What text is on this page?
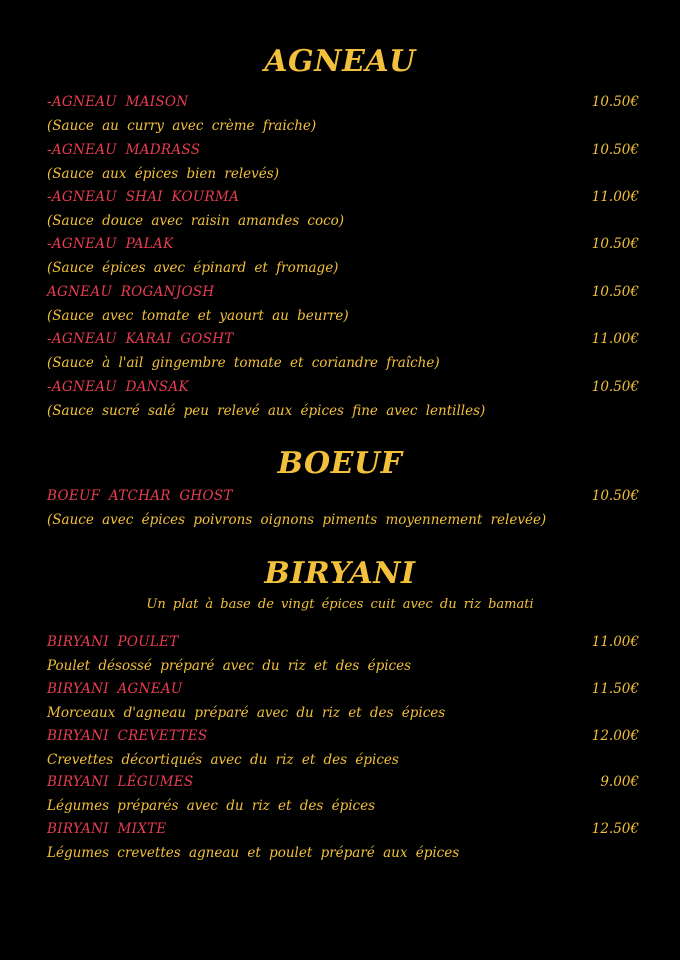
AGNEAU
-AGNEAU MAISON	10.50€
(Sauce au curry avec crème fraiche)
-AGNEAU MADRASS	10.50€
(Sauce aux épices bien relevés)
-AGNEAU SHAI KOURMA	11.00€
(Sauce douce avec raisin amandes coco)
-AGNEAU PALAK	10.50€
(Sauce épices avec épinard et fromage)
AGNEAU ROGANJOSH	10.50€
(Sauce avec tomate et yaourt au beurre)
-AGNEAU KARAI GOSHT	11.00€
(Sauce à l'ail gingembre tomate et coriandre fraîche)
-AGNEAU DANSAK	10.50€
(Sauce sucré salé peu relevé aux épices fine avec lentilles)
BOEUF
BOEUF ATCHAR GHOST	10.50€
(Sauce avec épices poivrons oignons piments moyennement relevée)
BIRYANI
Un plat à base de vingt épices cuit avec du riz bamati
BIRYANI POULET	11.00€
Poulet désossé préparé avec du riz et des épices
BIRYANI AGNEAU	11.50€
Morceaux d'agneau préparé avec du riz et des épices
BIRYANI CREVETTES	12.00€
Crevettes décortiqués avec du riz et des épices
BIRYANI LÉGUMES	9.00€
Légumes préparés avec du riz et des épices
BIRYANI MIXTE	12.50€
Légumes crevettes agneau et poulet préparé aux épices
